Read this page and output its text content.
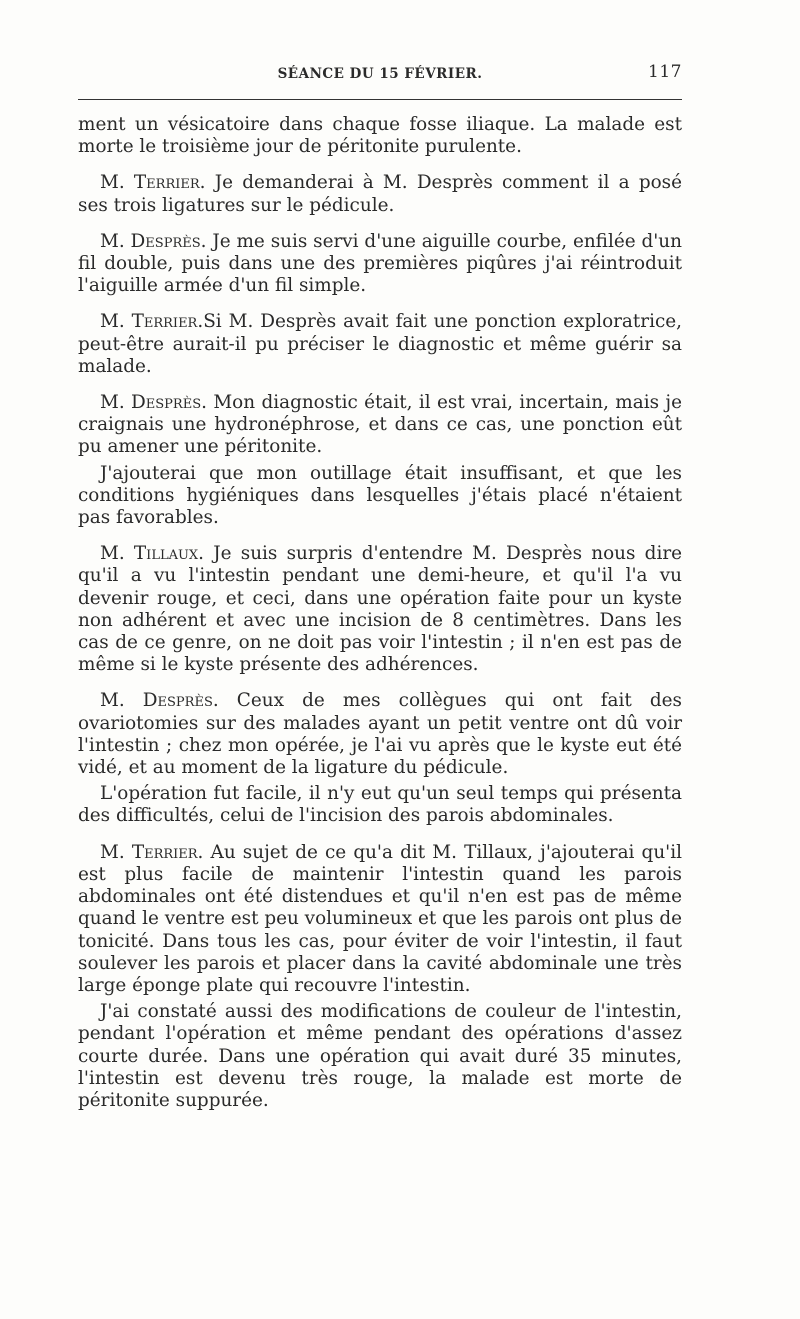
SÉANCE DU 15 FÉVRIER.	117

ment un vésicatoire dans chaque fosse iliaque. La malade est morte le troisième jour de péritonite purulente.

M. Terrier. Je demanderai à M. Desprès comment il a posé ses trois ligatures sur le pédicule.

M. Desprès. Je me suis servi d'une aiguille courbe, enfilée d'un fil double, puis dans une des premières piqûres j'ai réintroduit l'aiguille armée d'un fil simple.

M. Terrier.Si M. Desprès avait fait une ponction exploratrice, peut-être aurait-il pu préciser le diagnostic et même guérir sa malade.

M. Desprès. Mon diagnostic était, il est vrai, incertain, mais je craignais une hydronéphrose, et dans ce cas, une ponction eût pu amener une péritonite.

J'ajouterai que mon outillage était insuffisant, et que les conditions hygiéniques dans lesquelles j'étais placé n'étaient pas favorables.

M. Tillaux. Je suis surpris d'entendre M. Desprès nous dire qu'il a vu l'intestin pendant une demi-heure, et qu'il l'a vu devenir rouge, et ceci, dans une opération faite pour un kyste non adhérent et avec une incision de 8 centimètres. Dans les cas de ce genre, on ne doit pas voir l'intestin ; il n'en est pas de même si le kyste présente des adhérences.

M. Desprès. Ceux de mes collègues qui ont fait des ovariotomies sur des malades ayant un petit ventre ont dû voir l'intestin ; chez mon opérée, je l'ai vu après que le kyste eut été vidé, et au moment de la ligature du pédicule.

L'opération fut facile, il n'y eut qu'un seul temps qui présenta des difficultés, celui de l'incision des parois abdominales.

M. Terrier. Au sujet de ce qu'a dit M. Tillaux, j'ajouterai qu'il est plus facile de maintenir l'intestin quand les parois abdominales ont été distendues et qu'il n'en est pas de même quand le ventre est peu volumineux et que les parois ont plus de tonicité. Dans tous les cas, pour éviter de voir l'intestin, il faut soulever les parois et placer dans la cavité abdominale une très large éponge plate qui recouvre l'intestin.

J'ai constaté aussi des modifications de couleur de l'intestin, pendant l'opération et même pendant des opérations d'assez courte durée. Dans une opération qui avait duré 35 minutes, l'intestin est devenu très rouge, la malade est morte de péritonite suppurée.
